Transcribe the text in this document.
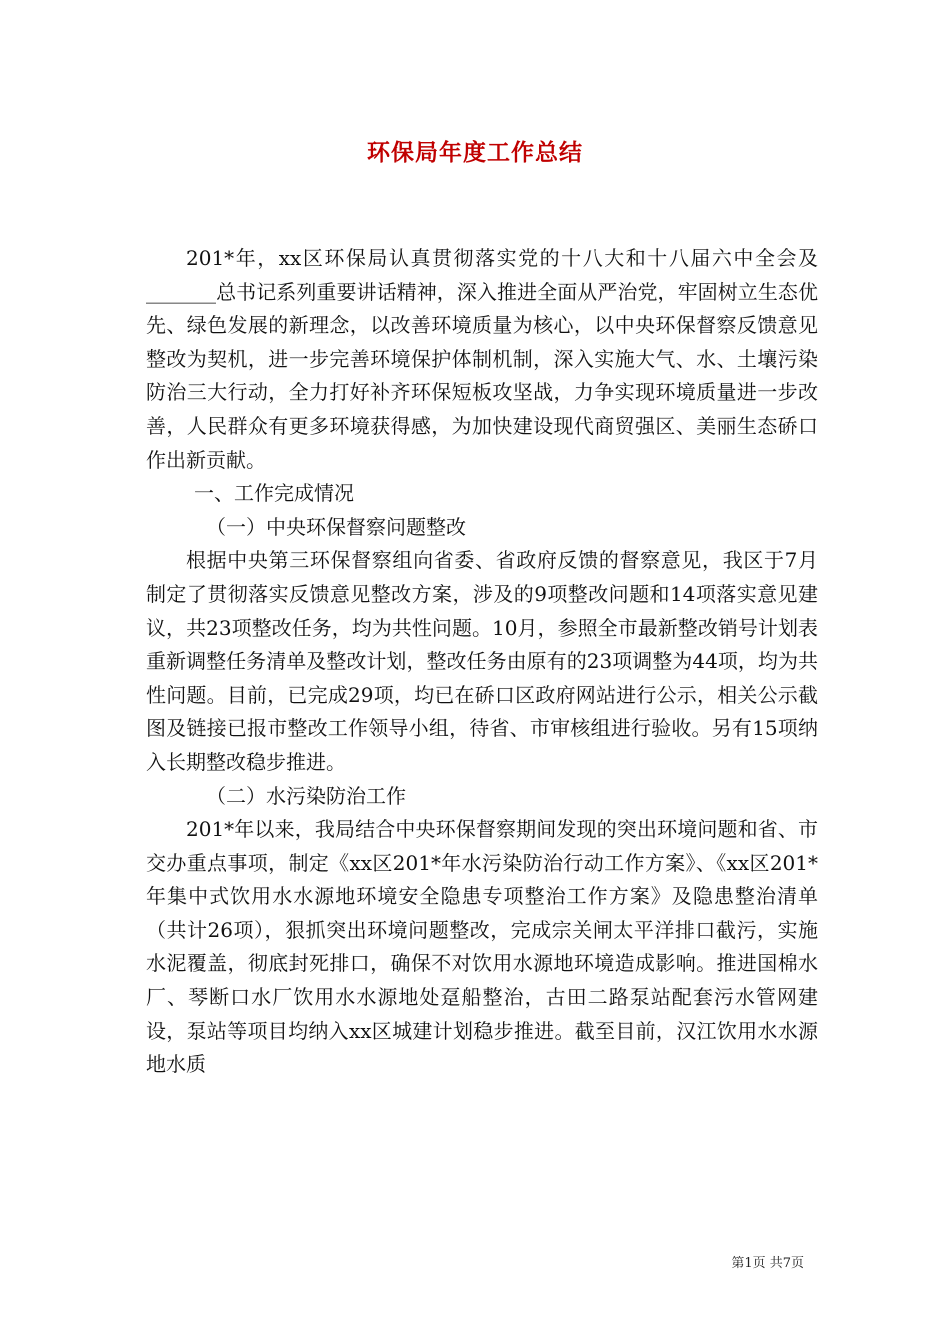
环保局年度工作总结

201*年，xx区环保局认真贯彻落实党的十八大和十八届六中全会及_______总书记系列重要讲话精神，深入推进全面从严治党，牢固树立生态优先、绿色发展的新理念，以改善环境质量为核心，以中央环保督察反馈意见整改为契机，进一步完善环境保护体制机制，深入实施大气、水、土壤污染防治三大行动，全力打好补齐环保短板攻坚战，力争实现环境质量进一步改善，人民群众有更多环境获得感，为加快建设现代商贸强区、美丽生态硚口作出新贡献。

一、工作完成情况

（一）中央环保督察问题整改

根据中央第三环保督察组向省委、省政府反馈的督察意见，我区于7月制定了贯彻落实反馈意见整改方案，涉及的9项整改问题和14项落实意见建议，共23项整改任务，均为共性问题。10月，参照全市最新整改销号计划表重新调整任务清单及整改计划，整改任务由原有的23项调整为44项，均为共性问题。目前，已完成29项，均已在硚口区政府网站进行公示，相关公示截图及链接已报市整改工作领导小组，待省、市审核组进行验收。另有15项纳入长期整改稳步推进。

（二）水污染防治工作

201*年以来，我局结合中央环保督察期间发现的突出环境问题和省、市交办重点事项，制定《xx区201*年水污染防治行动工作方案》、《xx区201*年集中式饮用水水源地环境安全隐患专项整治工作方案》及隐患整治清单（共计26项），狠抓突出环境问题整改，完成宗关闸太平洋排口截污，实施水泥覆盖，彻底封死排口，确保不对饮用水源地环境造成影响。推进国棉水厂、琴断口水厂饮用水水源地处趸船整治，古田二路泵站配套污水管网建设，泵站等项目均纳入xx区城建计划稳步推进。截至目前，汉江饮用水水源地水质

第1页 共7页
